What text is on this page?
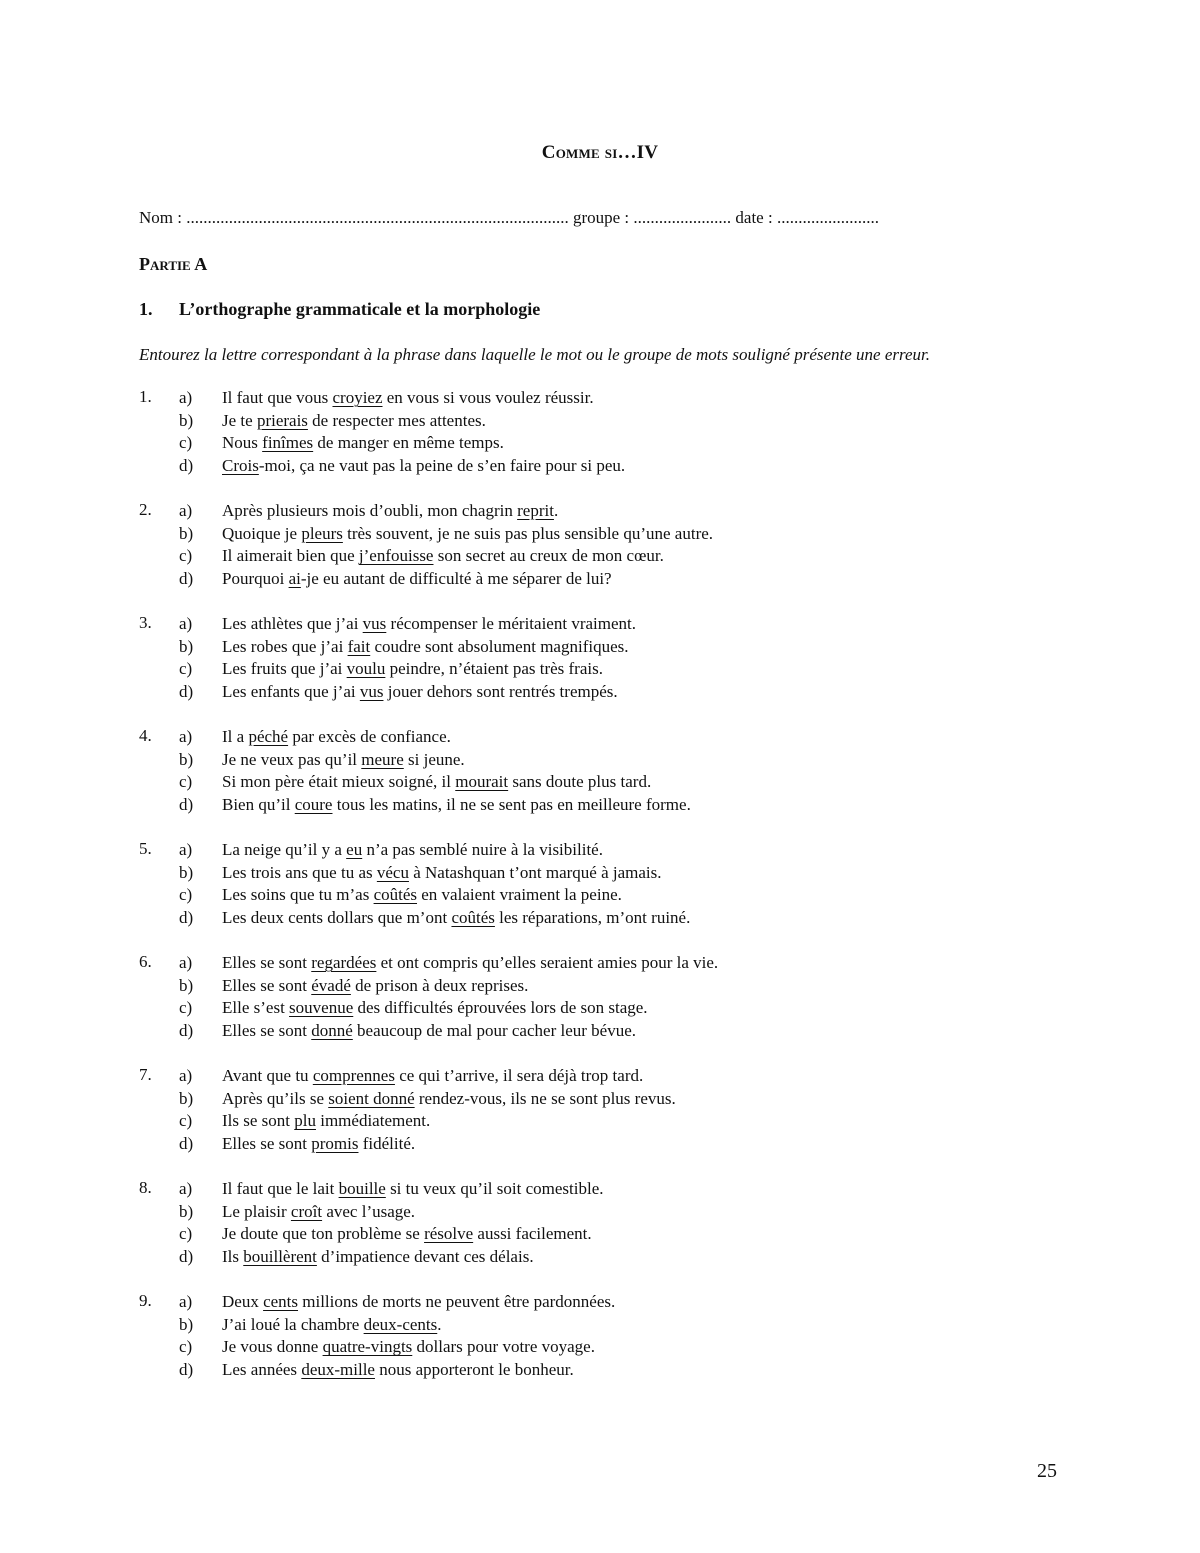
Comme si…IV
Nom : .......................................................................................... groupe : ....................... date : ........................
Partie A
1. L’orthographe grammaticale et la morphologie
Entourez la lettre correspondant à la phrase dans laquelle le mot ou le groupe de mots souligné présente une erreur.
1. a) Il faut que vous croyiez en vous si vous voulez réussir.
b) Je te prierais de respecter mes attentes.
c) Nous finîmes de manger en même temps.
d) Crois-moi, ça ne vaut pas la peine de s’en faire pour si peu.
2. a) Après plusieurs mois d’oubli, mon chagrin reprit.
b) Quoique je pleurs très souvent, je ne suis pas plus sensible qu’une autre.
c) Il aimerait bien que j’enfouisse son secret au creux de mon cœur.
d) Pourquoi ai-je eu autant de difficulté à me séparer de lui?
3. a) Les athlètes que j’ai vus récompenser le méritaient vraiment.
b) Les robes que j’ai fait coudre sont absolument magnifiques.
c) Les fruits que j’ai voulu peindre, n’étaient pas très frais.
d) Les enfants que j’ai vus jouer dehors sont rentrés trempés.
4. a) Il a péché par excès de confiance.
b) Je ne veux pas qu’il meure si jeune.
c) Si mon père était mieux soigné, il mourait sans doute plus tard.
d) Bien qu’il coure tous les matins, il ne se sent pas en meilleure forme.
5. a) La neige qu’il y a eu n’a pas semblé nuire à la visibilité.
b) Les trois ans que tu as vécu à Natashquan t’ont marqué à jamais.
c) Les soins que tu m’as coûtés en valaient vraiment la peine.
d) Les deux cents dollars que m’ont coûtés les réparations, m’ont ruiné.
6. a) Elles se sont regardées et ont compris qu’elles seraient amies pour la vie.
b) Elles se sont évadé de prison à deux reprises.
c) Elle s’est souvenue des difficultés éprouvées lors de son stage.
d) Elles se sont donné beaucoup de mal pour cacher leur bévue.
7. a) Avant que tu comprennes ce qui t’arrive, il sera déjà trop tard.
b) Après qu’ils se soient donné rendez-vous, ils ne se sont plus revus.
c) Ils se sont plu immédiatement.
d) Elles se sont promis fidélité.
8. a) Il faut que le lait bouille si tu veux qu’il soit comestible.
b) Le plaisir croît avec l’usage.
c) Je doute que ton problème se résolve aussi facilement.
d) Ils bouillèrent d’impatience devant ces délais.
9. a) Deux cents millions de morts ne peuvent être pardonnées.
b) J’ai loué la chambre deux-cents.
c) Je vous donne quatre-vingts dollars pour votre voyage.
d) Les années deux-mille nous apporteront le bonheur.
25
